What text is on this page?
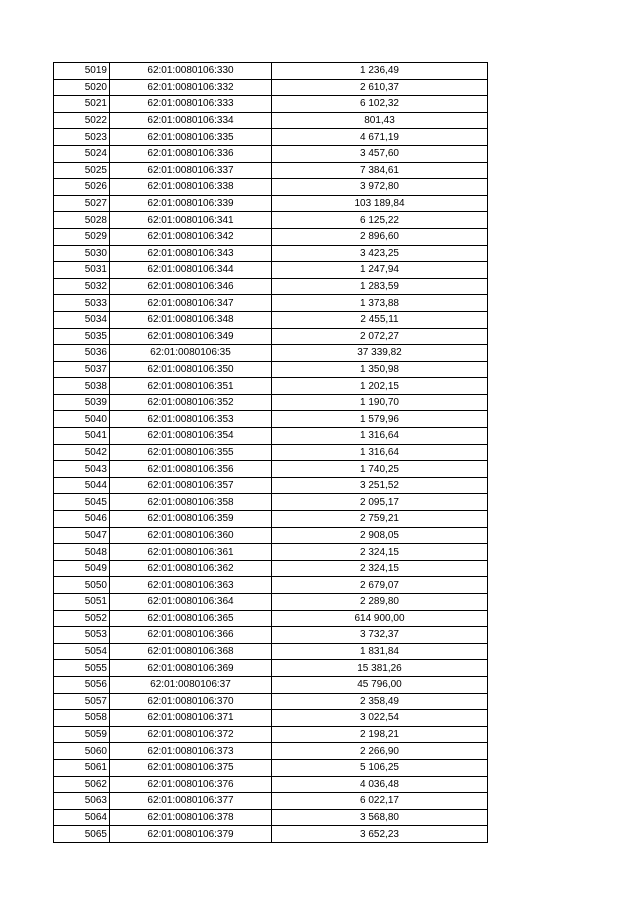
5019	62:01:0080106:330	1 236,49
5020	62:01:0080106:332	2 610,37
5021	62:01:0080106:333	6 102,32
5022	62:01:0080106:334	801,43
5023	62:01:0080106:335	4 671,19
5024	62:01:0080106:336	3 457,60
5025	62:01:0080106:337	7 384,61
5026	62:01:0080106:338	3 972,80
5027	62:01:0080106:339	103 189,84
5028	62:01:0080106:341	6 125,22
5029	62:01:0080106:342	2 896,60
5030	62:01:0080106:343	3 423,25
5031	62:01:0080106:344	1 247,94
5032	62:01:0080106:346	1 283,59
5033	62:01:0080106:347	1 373,88
5034	62:01:0080106:348	2 455,11
5035	62:01:0080106:349	2 072,27
5036	62:01:0080106:35	37 339,82
5037	62:01:0080106:350	1 350,98
5038	62:01:0080106:351	1 202,15
5039	62:01:0080106:352	1 190,70
5040	62:01:0080106:353	1 579,96
5041	62:01:0080106:354	1 316,64
5042	62:01:0080106:355	1 316,64
5043	62:01:0080106:356	1 740,25
5044	62:01:0080106:357	3 251,52
5045	62:01:0080106:358	2 095,17
5046	62:01:0080106:359	2 759,21
5047	62:01:0080106:360	2 908,05
5048	62:01:0080106:361	2 324,15
5049	62:01:0080106:362	2 324,15
5050	62:01:0080106:363	2 679,07
5051	62:01:0080106:364	2 289,80
5052	62:01:0080106:365	614 900,00
5053	62:01:0080106:366	3 732,37
5054	62:01:0080106:368	1 831,84
5055	62:01:0080106:369	15 381,26
5056	62:01:0080106:37	45 796,00
5057	62:01:0080106:370	2 358,49
5058	62:01:0080106:371	3 022,54
5059	62:01:0080106:372	2 198,21
5060	62:01:0080106:373	2 266,90
5061	62:01:0080106:375	5 106,25
5062	62:01:0080106:376	4 036,48
5063	62:01:0080106:377	6 022,17
5064	62:01:0080106:378	3 568,80
5065	62:01:0080106:379	3 652,23
